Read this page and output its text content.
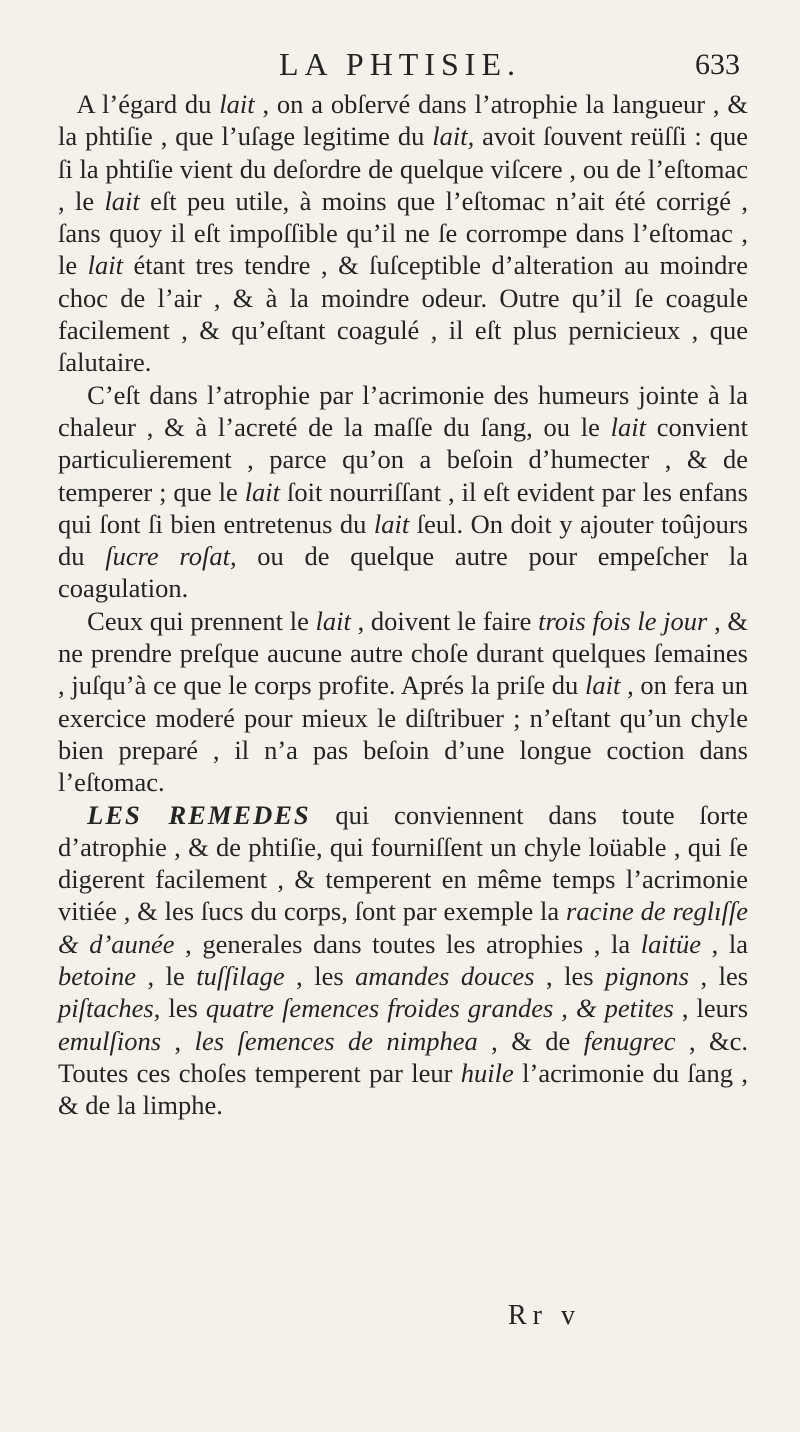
LA PHTISIE.	633

A l’égard du lait , on a obſervé dans l’atrophie la langueur , & la phtiſie , que l’uſage legitime du lait, avoit ſouvent reüſſi : que ſi la phtiſie vient du deſordre de quelque viſcere , ou de l’eſtomac , le lait eſt peu utile, à moins que l’eſtomac n’ait été corrigé , ſans quoy il eſt impoſſible qu’il ne ſe corrompe dans l’eſtomac , le lait étant tres tendre , & ſuſceptible d’alteration au moindre choc de l’air , & à la moindre odeur. Outre qu’il ſe coagule facilement , & qu’eſtant coagulé , il eſt plus pernicieux , que ſalutaire.

C’eſt dans l’atrophie par l’acrimonie des humeurs jointe à la chaleur , & à l’acreté de la maſſe du ſang, ou le lait convient particulierement , parce qu’on a beſoin d’humecter , & de temperer ; que le lait ſoit nourriſſant , il eſt evident par les enfans qui ſont ſi bien entretenus du lait ſeul. On doit y ajouter toûjours du ſucre roſat, ou de quelque autre pour empeſcher la coagulation.

Ceux qui prennent le lait , doivent le faire trois fois le jour , & ne prendre preſque aucune autre choſe durant quelques ſemaines , juſqu’à ce que le corps profite. Aprés la priſe du lait , on fera un exercice moderé pour mieux le diſtribuer ; n’eſtant qu’un chyle bien preparé , il n’a pas beſoin d’une longue coction dans l’eſtomac.

LES REMEDES qui conviennent dans toute ſorte d’atrophie , & de phtiſie, qui fourniſſent un chyle loüable , qui ſe digerent facilement , & temperent en même temps l’acrimonie vitiée , & les ſucs du corps, ſont par exemple la racine de reglıſſe & d’aunée , generales dans toutes les atrophies , la laitüe , la betoine , le tuſſilage , les amandes douces , les pignons , les piſtaches, les quatre ſemences froides grandes , & petites , leurs emulſions , les ſemences de nimphea , & de fenugrec , &c. Toutes ces choſes temperent par leur huile l’acrimonie du ſang , & de la limphe.

Rr v
